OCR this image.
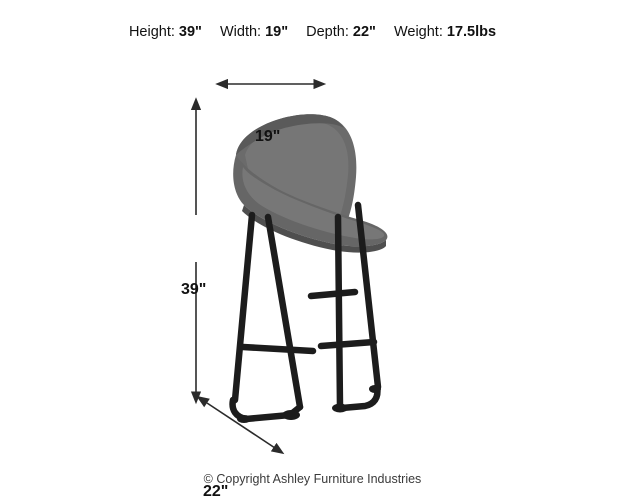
Height: 39" Width: 19" Depth: 22" Weight: 17.5lbs
19"
39"
22"
© Copyright Ashley Furniture Industries
